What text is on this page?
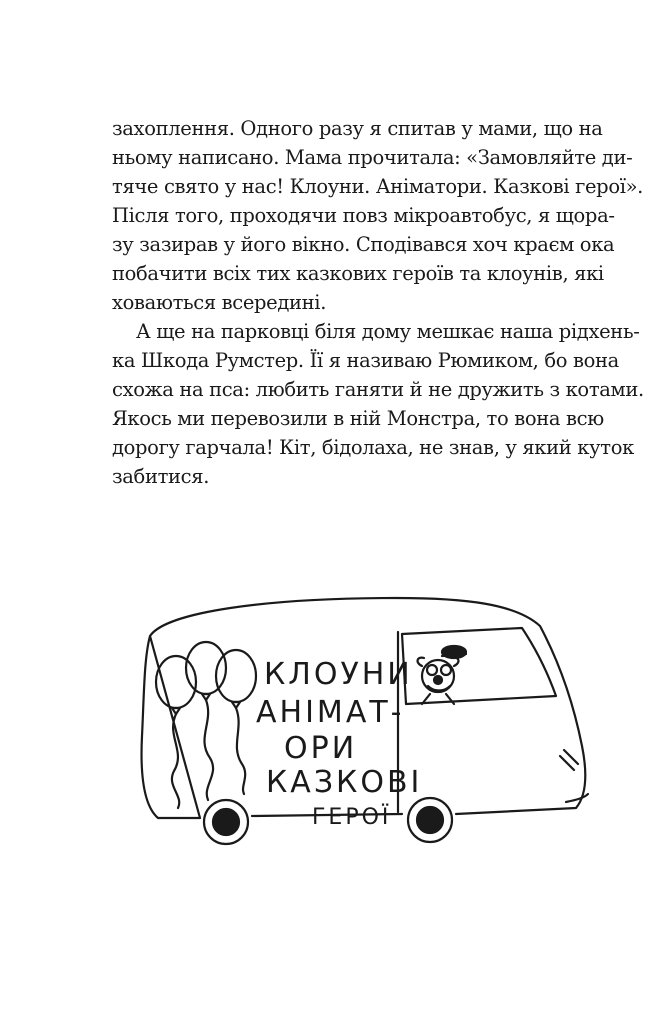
захоплення. Одного разу я спитав у мами, що на
ньому написано. Мама прочитала: «Замовляйте ди-
тяче свято у нас! Клоуни. Аніматори. Казкові герої».
Після того, проходячи повз мікроавтобус, я щора-
зу зазирав у його вікно. Сподівався хоч краєм ока
побачити всіх тих казкових героїв та клоунів, які
ховаються всередині.
А ще на парковці біля дому мешкає наша рідхень-
ка Шкода Румстер. Її я називаю Рюмиком, бо вона
схожа на пса: любить ганяти й не дружить з котами.
Якось ми перевозили в ній Монстра, то вона всю
дорогу гарчала! Кіт, бідолаха, не знав, у який куток
забитися.
КЛОУНИ
АНІМАТ-
ОРИ
КАЗКОВІ
ГЕРОЇ
